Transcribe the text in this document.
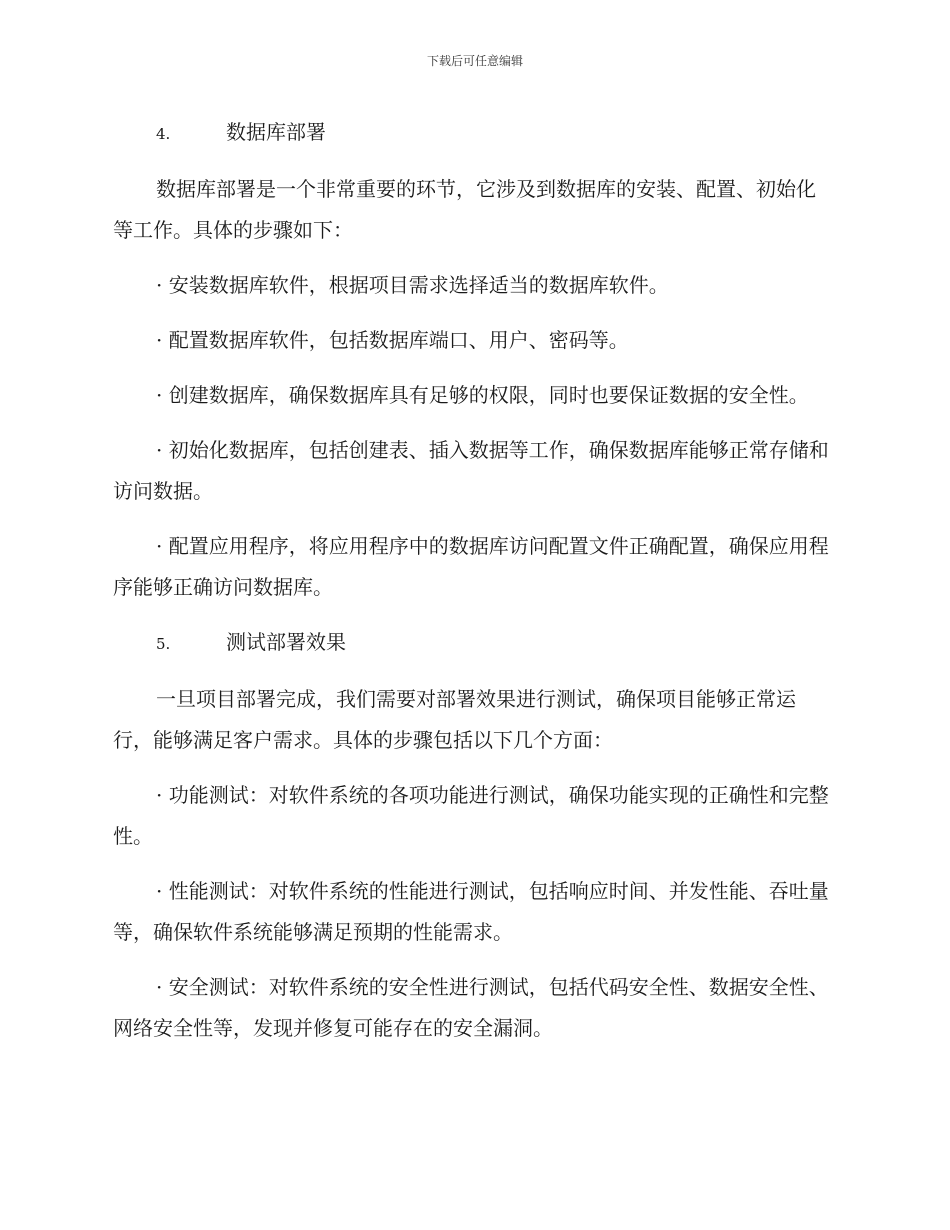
下载后可任意编辑
4.	数据库部署

数据库部署是一个非常重要的环节，它涉及到数据库的安装、配置、初始化等工作。具体的步骤如下：

· 安装数据库软件，根据项目需求选择适当的数据库软件。

· 配置数据库软件，包括数据库端口、用户、密码等。

· 创建数据库，确保数据库具有足够的权限，同时也要保证数据的安全性。

· 初始化数据库，包括创建表、插入数据等工作，确保数据库能够正常存储和访问数据。

· 配置应用程序，将应用程序中的数据库访问配置文件正确配置，确保应用程序能够正确访问数据库。

5.	测试部署效果

一旦项目部署完成，我们需要对部署效果进行测试，确保项目能够正常运行，能够满足客户需求。具体的步骤包括以下几个方面：

· 功能测试：对软件系统的各项功能进行测试，确保功能实现的正确性和完整性。

· 性能测试：对软件系统的性能进行测试，包括响应时间、并发性能、吞吐量等，确保软件系统能够满足预期的性能需求。

· 安全测试：对软件系统的安全性进行测试，包括代码安全性、数据安全性、网络安全性等，发现并修复可能存在的安全漏洞。
